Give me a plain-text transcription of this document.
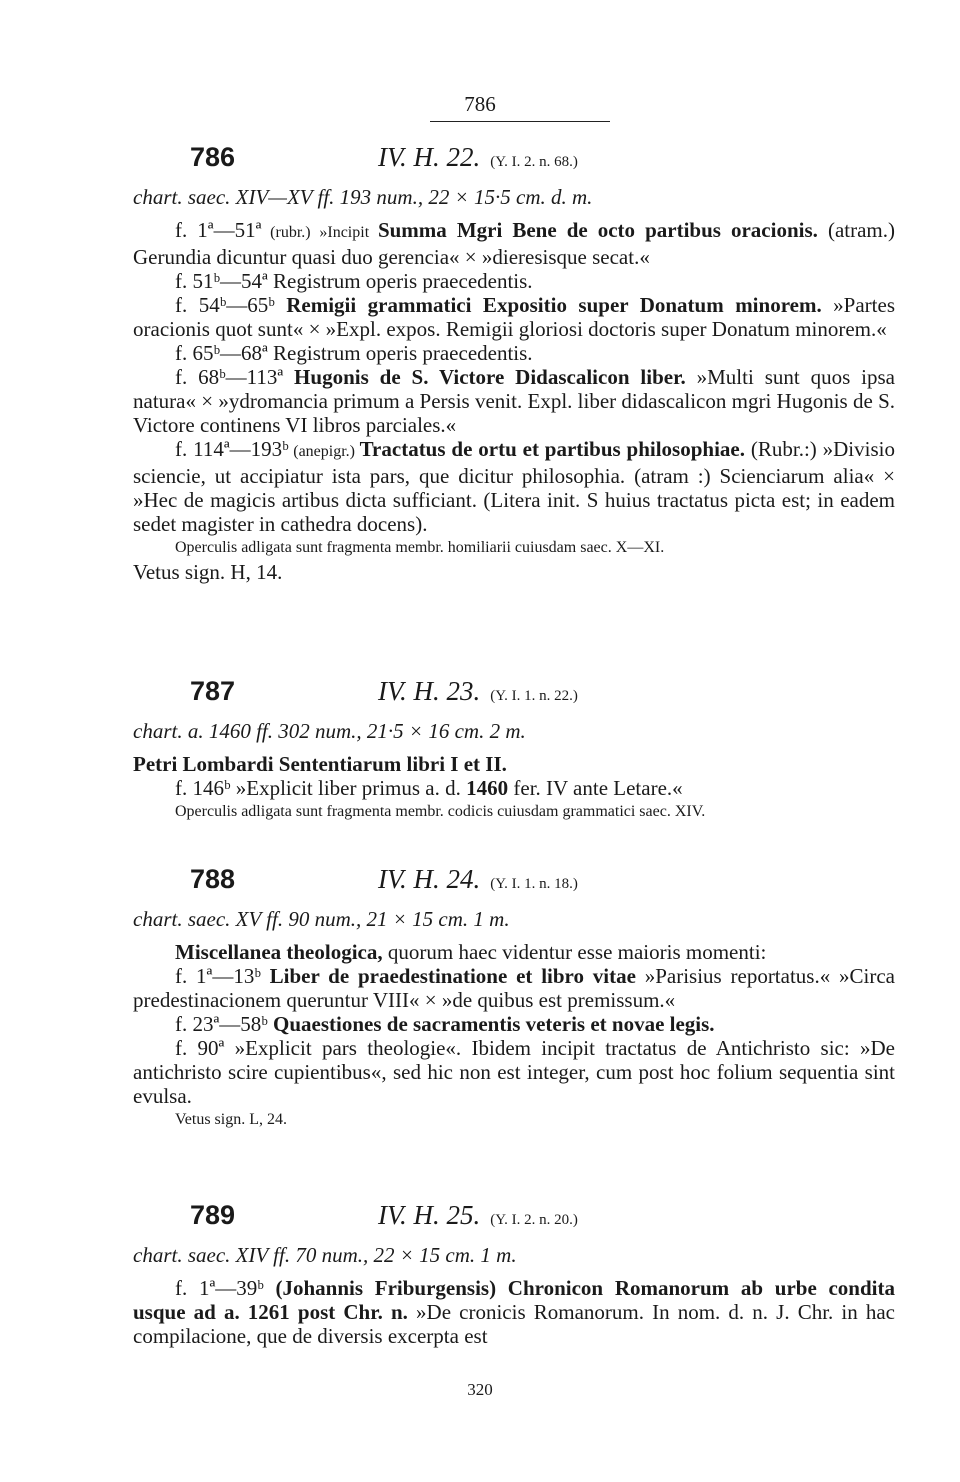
786
786	IV. H. 22. (Y. I. 2. n. 68.)

chart. saec. XIV—XV ff. 193 num., 22 × 15·5 cm. d. m.

f. 1ª—51ª (rubr.) »Incipit Summa Mgri Bene de octo partibus oracionis. (atram.) Gerundia dicuntur quasi duo gerencia« × »dieresisque secat.«

f. 51ᵇ—54ª Registrum operis praecedentis.

f. 54ᵇ—65ᵇ Remigii grammatici Expositio super Donatum minorem. »Partes oracionis quot sunt« × »Expl. expos. Remigii gloriosi doctoris super Donatum minorem.«

f. 65ᵇ—68ª Registrum operis praecedentis.

f. 68ᵇ—113ª Hugonis de S. Victore Didascalicon liber. »Multi sunt quos ipsa natura« × »ydromancia primum a Persis venit. Expl. liber didascalicon mgri Hugonis de S. Victore continens VI libros parciales.«

f. 114ª—193ᵇ (anepigr.) Tractatus de ortu et partibus philosophiae. (Rubr.:) »Divisio sciencie, ut accipiatur ista pars, que dicitur philosophia. (atram :) Scienciarum alia« × »Hec de magicis artibus dicta sufficiant. (Litera init. S huius tractatus picta est; in eadem sedet magister in cathedra docens).

Operculis adligata sunt fragmenta membr. homiliarii cuiusdam saec. X—XI.

Vetus sign. H, 14.

787	IV. H. 23. (Y. I. 1. n. 22.)

chart. a. 1460 ff. 302 num., 21·5 × 16 cm. 2 m.

Petri Lombardi Sententiarum libri I et II.

f. 146ᵇ »Explicit liber primus a. d. 1460 fer. IV ante Letare.«

Operculis adligata sunt fragmenta membr. codicis cuiusdam grammatici saec. XIV.

788	IV. H. 24. (Y. I. 1. n. 18.)

chart. saec. XV ff. 90 num., 21 × 15 cm. 1 m.

Miscellanea theologica, quorum haec videntur esse maioris momenti:

f. 1ª—13ᵇ Liber de praedestinatione et libro vitae »Parisius reportatus.« »Circa predestinacionem queruntur VIII« × »de quibus est premissum.«

f. 23ª—58ᵇ Quaestiones de sacramentis veteris et novae legis.

f. 90ª »Explicit pars theologie«. Ibidem incipit tractatus de Antichristo sic: »De antichristo scire cupientibus«, sed hic non est integer, cum post hoc folium sequentia sint evulsa.

Vetus sign. L, 24.

789	IV. H. 25. (Y. I. 2. n. 20.)

chart. saec. XIV ff. 70 num., 22 × 15 cm. 1 m.

f. 1ª—39ᵇ (Johannis Friburgensis) Chronicon Romanorum ab urbe condita usque ad a. 1261 post Chr. n. »De cronicis Romanorum. In nom. d. n. J. Chr. in hac compilacione, que de diversis excerpta est

320
